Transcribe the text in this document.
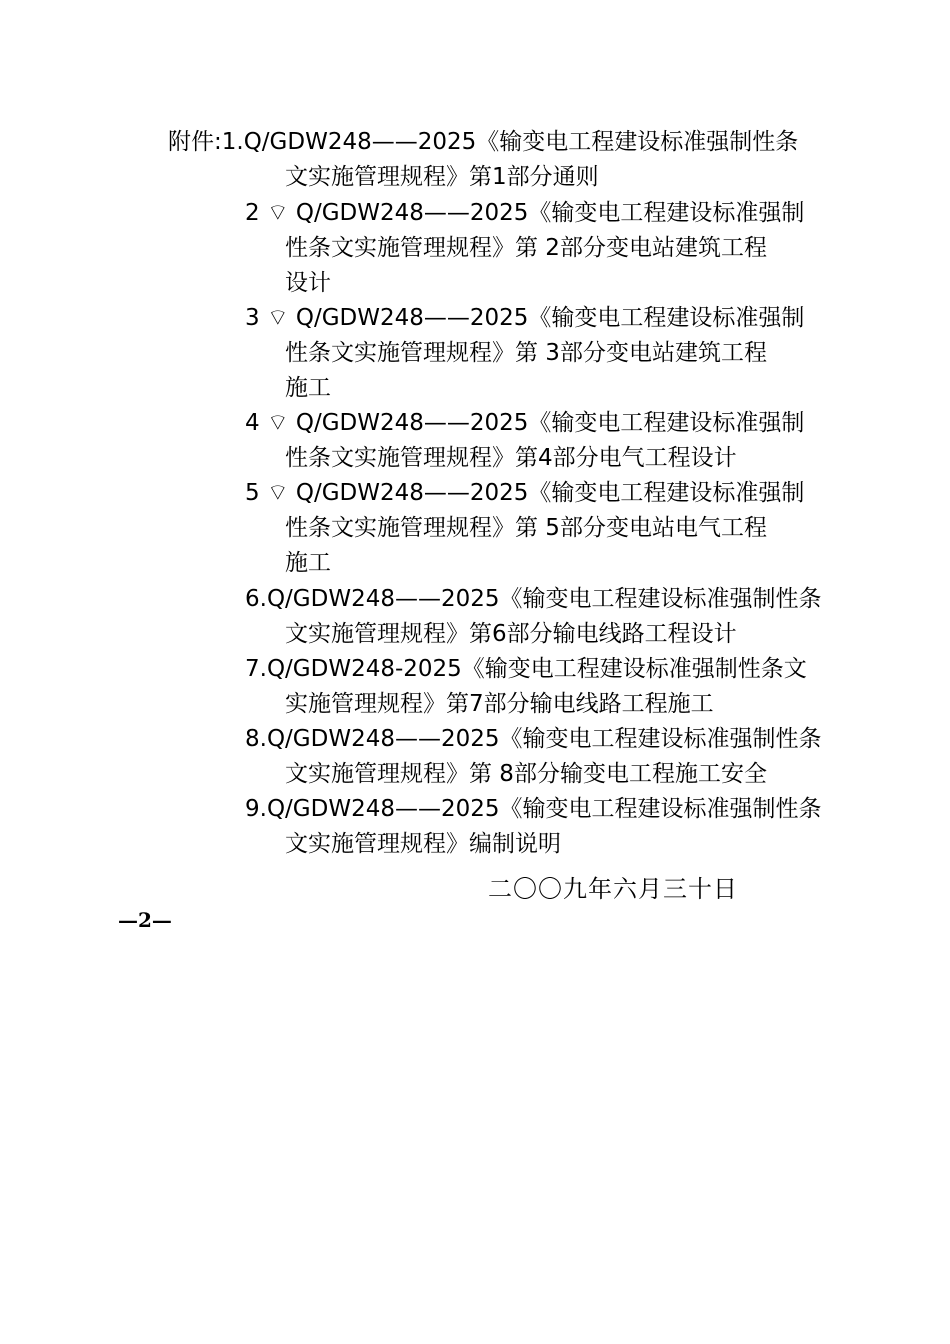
附件:1.Q/GDW248——2025《输变电工程建设标准强制性条
文实施管理规程》第1部分通则
2 ⌔ Q/GDW248——2025《输变电工程建设标准强制
性条文实施管理规程》第 2部分变电站建筑工程
设计
3 ⌔ Q/GDW248——2025《输变电工程建设标准强制
性条文实施管理规程》第 3部分变电站建筑工程
施工
4 ⌔ Q/GDW248——2025《输变电工程建设标准强制
性条文实施管理规程》第4部分电气工程设计
5 ⌔ Q/GDW248——2025《输变电工程建设标准强制
性条文实施管理规程》第 5部分变电站电气工程
施工
6.Q/GDW248——2025《输变电工程建设标准强制性条
文实施管理规程》第6部分输电线路工程设计
7.Q/GDW248-2025《输变电工程建设标准强制性条文
实施管理规程》第7部分输电线路工程施工
8.Q/GDW248——2025《输变电工程建设标准强制性条
文实施管理规程》第 8部分输变电工程施工安全
9.Q/GDW248——2025《输变电工程建设标准强制性条
文实施管理规程》编制说明
二〇〇九年六月三十日
—2—
